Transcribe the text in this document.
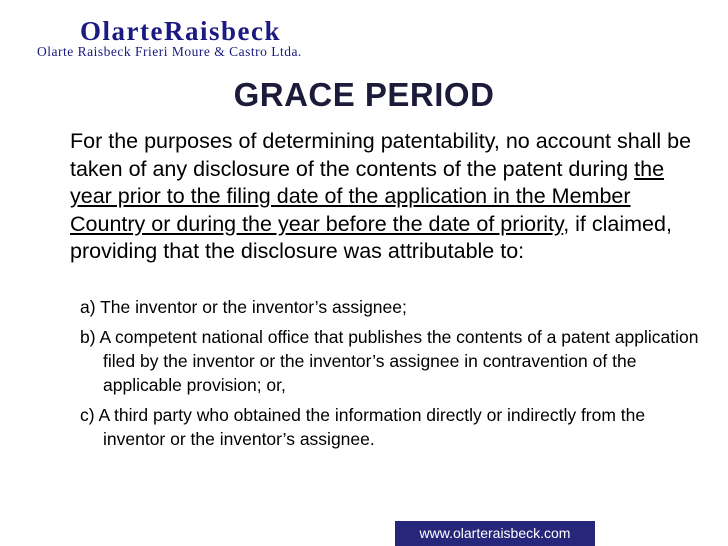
OlarteRaisbeck
Olarte Raisbeck Frieri Moure & Castro Ltda.
GRACE PERIOD

For the purposes of determining patentability, no account shall be taken of any disclosure of the contents of the patent during the year prior to the filing date of the application in the Member Country or during the year before the date of priority, if claimed, providing that the disclosure was attributable to:

a) The inventor or the inventor’s assignee;
b) A competent national office that publishes the contents of a patent application filed by the inventor or the inventor’s assignee in contravention of the applicable provision; or,
c) A third party who obtained the information directly or indirectly from the inventor or the inventor’s assignee.
www.olarteraisbeck.com
